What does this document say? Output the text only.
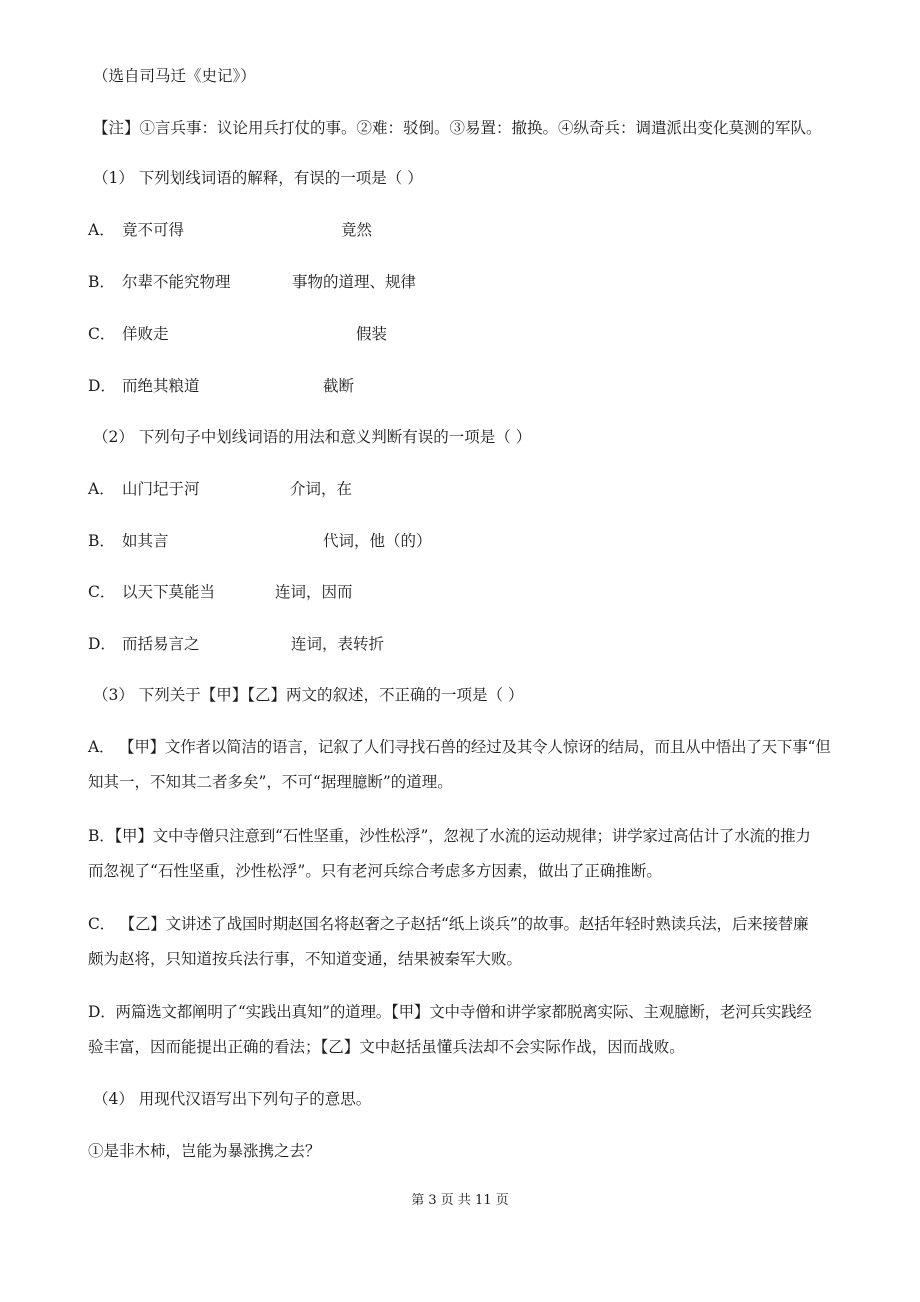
（选自司马迁《史记》）
【注】①言兵事：议论用兵打仗的事。②难：驳倒。③易置：撤换。④纵奇兵：调遣派出变化莫测的军队。
（1） 下列划线词语的解释，有误的一项是（ ）
A． 竟不可得	竟然
B． 尔辈不能究物理	事物的道理、规律
C． 佯败走	假装
D． 而绝其粮道	截断
（2） 下列句子中划线词语的用法和意义判断有误的一项是（ ）
A． 山门圮于河	介词，在
B． 如其言	代词，他（的）
C． 以天下莫能当	连词，因而
D． 而括易言之	连词，表转折
（3） 下列关于【甲】【乙】两文的叙述，不正确的一项是（ ）
A． 【甲】文作者以简洁的语言，记叙了人们寻找石兽的经过及其令人惊讶的结局，而且从中悟出了天下事“但
知其一，不知其二者多矣”，不可“据理臆断”的道理。
B．【甲】文中寺僧只注意到“石性坚重，沙性松浮”，忽视了水流的运动规律；讲学家过高估计了水流的推力
而忽视了“石性坚重，沙性松浮”。只有老河兵综合考虑多方因素，做出了正确推断。
C． 【乙】文讲述了战国时期赵国名将赵奢之子赵括“纸上谈兵”的故事。赵括年轻时熟读兵法，后来接替廉
颇为赵将，只知道按兵法行事，不知道变通，结果被秦军大败。
D．两篇选文都阐明了“实践出真知”的道理。【甲】文中寺僧和讲学家都脱离实际、主观臆断，老河兵实践经
验丰富，因而能提出正确的看法；【乙】文中赵括虽懂兵法却不会实际作战，因而战败。
（4） 用现代汉语写出下列句子的意思。
①是非木柿，岂能为暴涨携之去？
第 3 页 共 11 页
